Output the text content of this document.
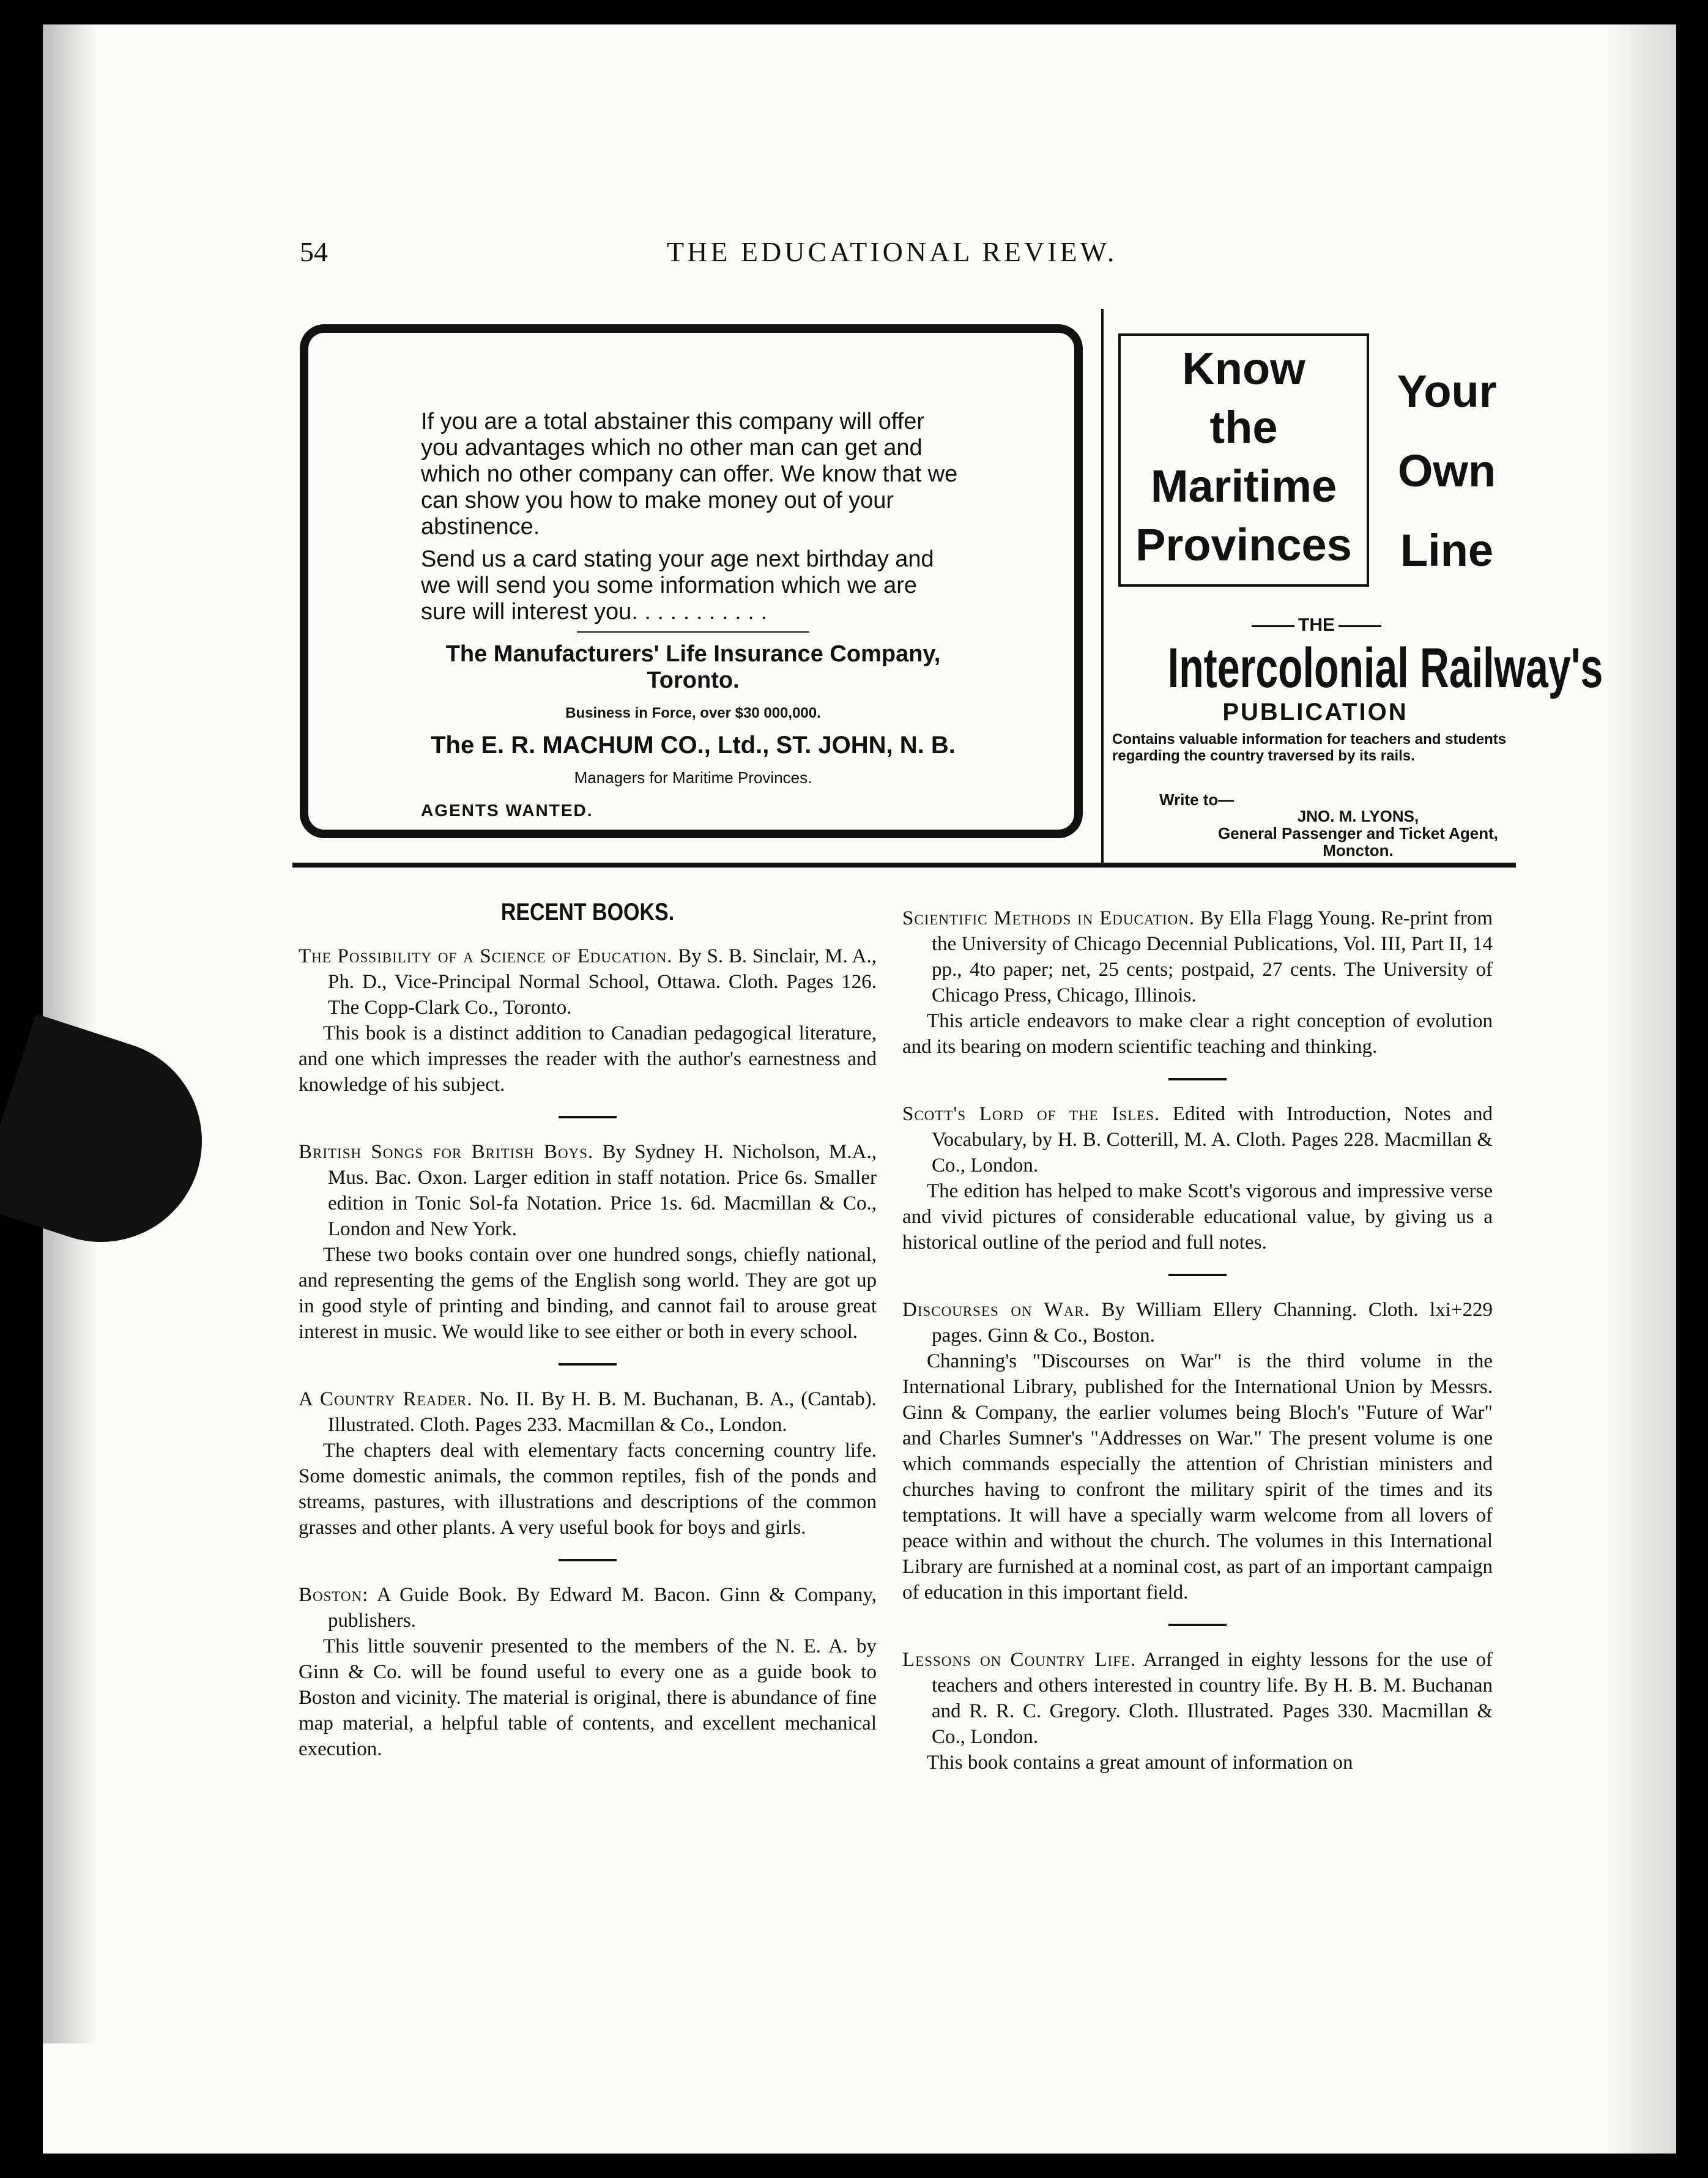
54	THE EDUCATIONAL REVIEW.

If you are a total abstainer this company will offer you advantages which no other man can get and which no other company can offer. We know that we can show you how to make money out of your abstinence.

Send us a card stating your age next birthday and we will send you some information which we are sure will interest you. . . . . . . . . . .

The Manufacturers' Life Insurance Company, Toronto.

Business in Force, over $30 000,000.

The E. R. MACHUM CO., Ltd., ST. JOHN, N. B.

Managers for Maritime Provinces.

AGENTS WANTED.

Know
the
Maritime
Provinces
Your
Own
Line
THE
Intercolonial Railway's
PUBLICATION
Contains valuable information for teachers and students regarding the country traversed by its rails.
Write to—
JNO. M. LYONS,
General Passenger and Ticket Agent,
Moncton.
RECENT BOOKS.

The Possibility of a Science of Education. By S. B. Sinclair, M. A., Ph. D., Vice-Principal Normal School, Ottawa. Cloth. Pages 126. The Copp-Clark Co., Toronto.

This book is a distinct addition to Canadian pedagogical literature, and one which impresses the reader with the author's earnestness and knowledge of his subject.

British Songs for British Boys. By Sydney H. Nicholson, M.A., Mus. Bac. Oxon. Larger edition in staff notation. Price 6s. Smaller edition in Tonic Sol-fa Notation. Price 1s. 6d. Macmillan & Co., London and New York.

These two books contain over one hundred songs, chiefly national, and representing the gems of the English song world. They are got up in good style of printing and binding, and cannot fail to arouse great interest in music. We would like to see either or both in every school.

A Country Reader. No. II. By H. B. M. Buchanan, B. A., (Cantab). Illustrated. Cloth. Pages 233. Macmillan & Co., London.

The chapters deal with elementary facts concerning country life. Some domestic animals, the common reptiles, fish of the ponds and streams, pastures, with illustrations and descriptions of the common grasses and other plants. A very useful book for boys and girls.

Boston: A Guide Book. By Edward M. Bacon. Ginn & Company, publishers.

This little souvenir presented to the members of the N. E. A. by Ginn & Co. will be found useful to every one as a guide book to Boston and vicinity. The material is original, there is abundance of fine map material, a helpful table of contents, and excellent mechanical execution.

Scientific Methods in Education. By Ella Flagg Young. Re-print from the University of Chicago Decennial Publications, Vol. III, Part II, 14 pp., 4to paper; net, 25 cents; postpaid, 27 cents. The University of Chicago Press, Chicago, Illinois.

This article endeavors to make clear a right conception of evolution and its bearing on modern scientific teaching and thinking.

Scott's Lord of the Isles. Edited with Introduction, Notes and Vocabulary, by H. B. Cotterill, M. A. Cloth. Pages 228. Macmillan & Co., London.

The edition has helped to make Scott's vigorous and impressive verse and vivid pictures of considerable educational value, by giving us a historical outline of the period and full notes.

Discourses on War. By William Ellery Channing. Cloth. lxi+229 pages. Ginn & Co., Boston.

Channing's "Discourses on War" is the third volume in the International Library, published for the International Union by Messrs. Ginn & Company, the earlier volumes being Bloch's "Future of War" and Charles Sumner's "Addresses on War." The present volume is one which commands especially the attention of Christian ministers and churches having to confront the military spirit of the times and its temptations. It will have a specially warm welcome from all lovers of peace within and without the church. The volumes in this International Library are furnished at a nominal cost, as part of an important campaign of education in this important field.

Lessons on Country Life. Arranged in eighty lessons for the use of teachers and others interested in country life. By H. B. M. Buchanan and R. R. C. Gregory. Cloth. Illustrated. Pages 330. Macmillan & Co., London.

This book contains a great amount of information on
